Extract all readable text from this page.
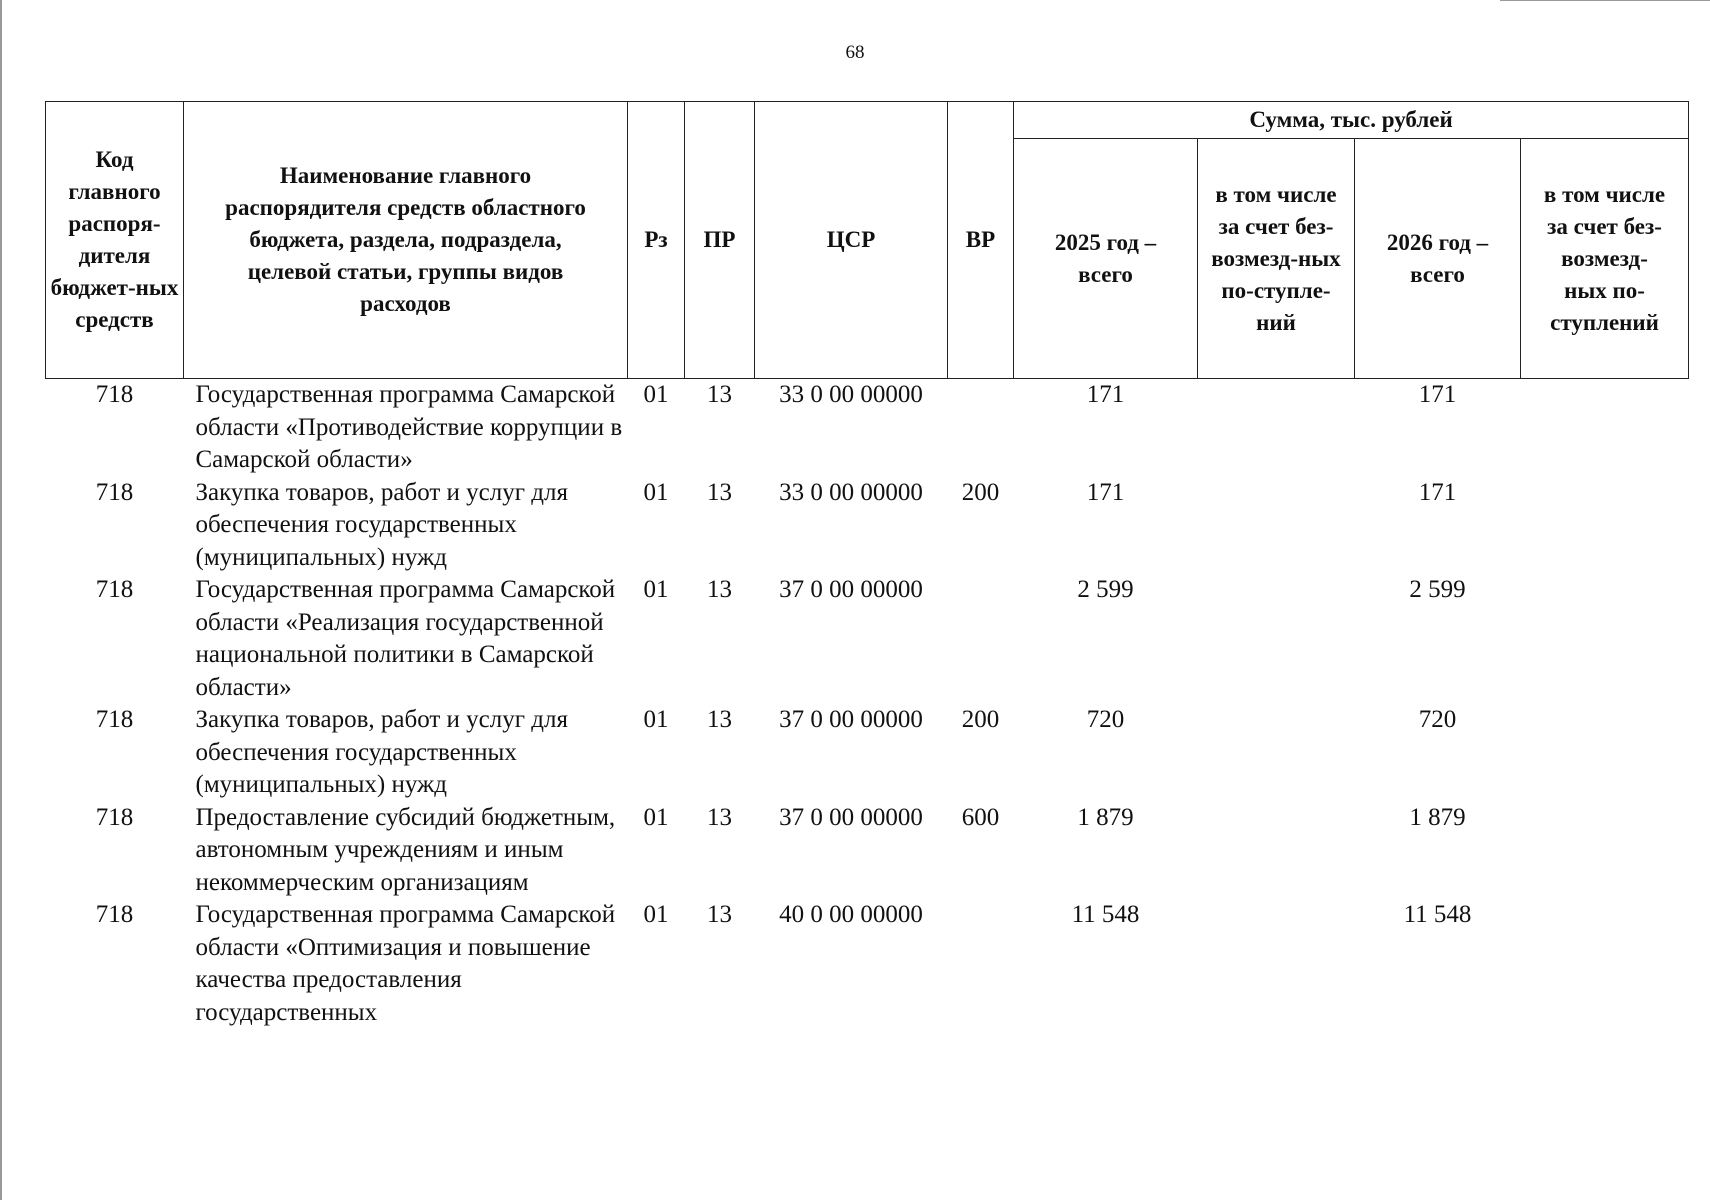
68
Код главного распоря-дителя бюджет-ных средств	Наименование главного распорядителя средств областного бюджета, раздела, подраздела, целевой статьи, группы видов расходов	Рз	ПР	ЦСР	ВР	Сумма, тыс. рублей			
						2025 год – всего	в том числе за счет без-возмезд-ных по-ступле-ний	2026 год – всего	в том числе за счет без-возмезд-ных по-ступлений
718	Государственная программа Самарской области «Противодействие коррупции в Самарской области»	01	13	33 0 00 00000		171		171	
718	Закупка товаров, работ и услуг для обеспечения государственных (муниципальных) нужд	01	13	33 0 00 00000	200	171		171	
718	Государственная программа Самарской области «Реализация государственной национальной политики в Самарской области»	01	13	37 0 00 00000		2 599		2 599	
718	Закупка товаров, работ и услуг для обеспечения государственных (муниципальных) нужд	01	13	37 0 00 00000	200	720		720	
718	Предоставление субсидий бюджетным, автономным учреждениям и иным некоммерческим организациям	01	13	37 0 00 00000	600	1 879		1 879	
718	Государственная программа Самарской области «Оптимизация и повышение качества предоставления государственных	01	13	40 0 00 00000		11 548		11 548	
